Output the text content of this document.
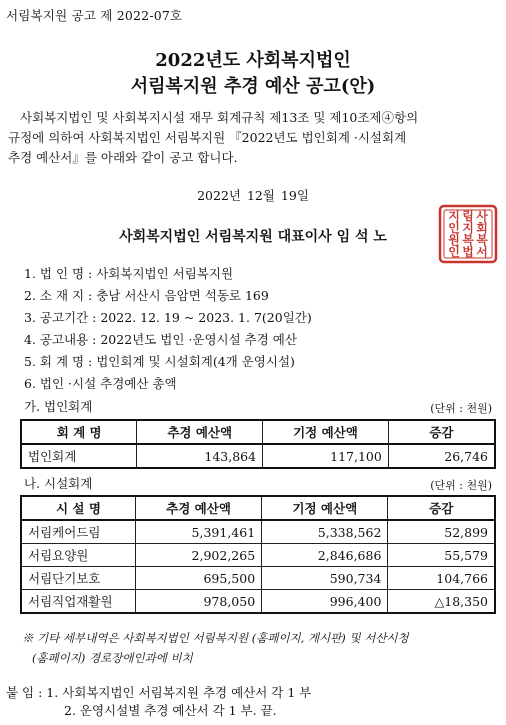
서림복지원 공고 제 2022-07호
2022년도 사회복지법인
서림복지원 추경 예산 공고(안)

사회복지법인 및 사회복지시설 재무 회계규칙 제13조 및 제10조제④항의

규정에 의하여 사회복지법인 서림복지원 『2022년도 법인회계 ·시설회계

추경 예산서』를 아래와 같이 공고 합니다.

2022년 12월 19일
사
회
복
서
림
지
복
법
지
인
원
인
사회복지법인 서림복지원 대표이사 임 석 노
1. 법 인 명 : 사회복지법인 서림복지원
2. 소 재 지 : 충남 서산시 음암면 석동로 169
3. 공고기간 : 2022. 12. 19 ~ 2023. 1. 7(20일간)
4. 공고내용 : 2022년도 법인 ·운영시설 추경 예산
5. 회 계 명 : 법인회계 및 시설회계(4개 운영시설)
6. 법인 ·시설 추경예산 총액
가. 법인회계	(단위 : 천원)
회 계 명	추경 예산액	기정 예산액	증감
법인회계	143,864	117,100	26,746
나. 시설회계	(단위 : 천원)
시 설 명	추경 예산액	기정 예산액	증감
서림케어드림	5,391,461	5,338,562	52,899
서림요양원	2,902,265	2,846,686	55,579
서림단기보호	695,500	590,734	104,766
서림직업재활원	978,050	996,400	△18,350

※ 기타 세부내역은 사회복지법인 서림복지원 (홈페이지, 게시판) 및 서산시청

(홈페이지) 경로장애인과에 비치

붙 임 : 1. 사회복지법인 서림복지원 추경 예산서 각 1 부
2. 운영시설별 추경 예산서 각 1 부. 끝.
